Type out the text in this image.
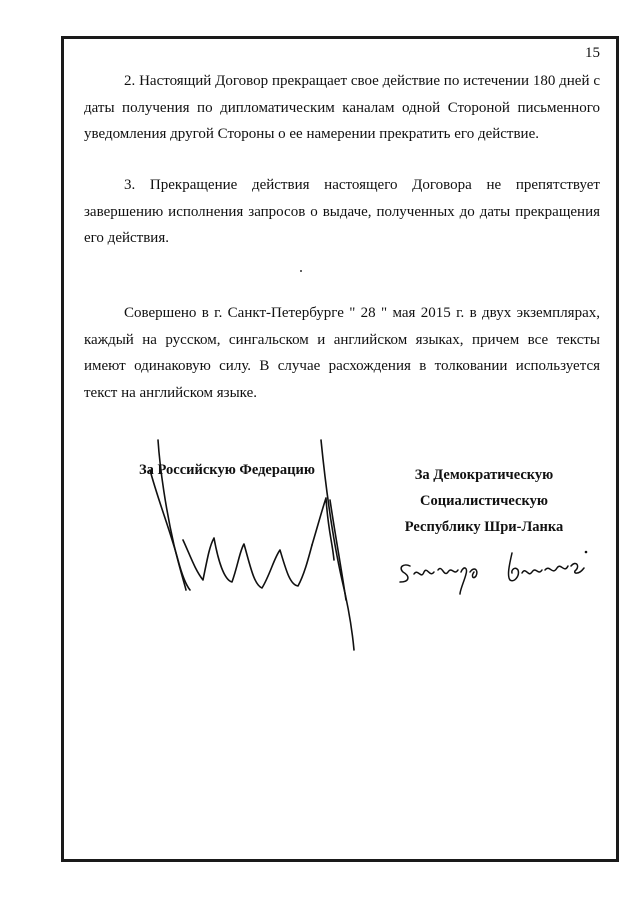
15

2. Настоящий Договор прекращает свое действие по истечении 180 дней с даты получения по дипломатическим каналам одной Стороной письменного уведомления другой Стороны о ее намерении прекратить его действие.

3. Прекращение действия настоящего Договора не препятствует завершению исполнения запросов о выдаче, полученных до даты прекращения его действия.

Совершено в г. Санкт-Петербурге " 28 " мая 2015 г. в двух экземплярах, каждый на русском, сингальском и английском языках, причем все тексты имеют одинаковую силу. В случае расхождения в толковании используется текст на английском языке.

За Российскую Федерацию	За Демократическую Социалистическую Республику Шри-Ланка
